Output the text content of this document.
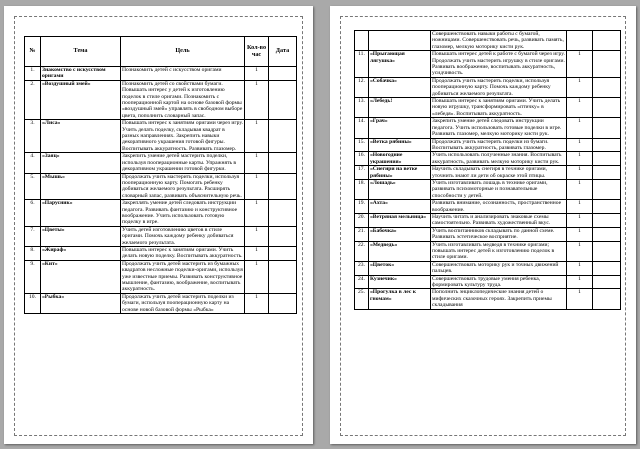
№	Тема	Цель	Кол-во час	Дата
1.	Знакомство с искусством оригами	Познакомить детей с искусством оригами	1	
2.	«Воздушный змей»	Познакомить детей со свойствами бумаги. Повышать интерес у детей к изготовлению поделок в стиле оригами. Познакомить с пооперационной картой на основе базовой формы «воздушный змей» управлять в свободном выборе цвета, пополнить словарный запас.	1	
3.	«Лиса»	Повышать интерес к занятиям оригами через игру. Учить делать поделку, складывая квадрат в разных направлениях. Закрепить навыки декоративного украшения готовой фигуры. Воспитывать аккуратность. Развивать глазомер.	1	
4.	«Заяц»	Закрепить умение детей мастерить поделки, используя пооперационные карты. Упражнять в декоративном украшении готовой фигурки.	1	
5.	«Мышь»	Продолжать учить мастерить поделки, используя пооперационную карту. Помогать ребенку добиваться желаемого результата. Расширять словарный запас, развивать объяснительную речь.	1	
6.	«Парусник»	Закреплять умение детей следовать инструкции педагога. Развивать фантазию и конструктивное воображение. Учить использовать готовую поделку в игре.	1	
7.	«Цветы»	Учить детей изготовлению цветов в стиле оригами. Помочь каждому ребенку добиваться желаемого результата.	1	
8.	«Жираф»	Повышать интерес к занятиям оригами. Учить делать новую поделку. Воспитывать аккуратность.	1	
9.	«Кит»	Продолжать учить детей мастерить из бумажных квадратов несложные поделки-оригами, используя уже известные приемы. Развивать конструктивное мышление, фантазию, воображение, воспитывать аккуратность.	1	
10.	«Рыбка»	Продолжать учить детей мастерить поделки из бумаги, используя пооперационную карту на основе новой базовой формы «Рыбка»	1	
		Совершенствовать навыки работы с бумагой, ножницами. Совершенствовать речь, развивать память, глазомер, мелкую моторику кисти рук.		
11.	«Прыгающая лягушка»	Повышать интерес детей к работе с бумагой через игру. Продолжать учить мастерить игрушку в стиле оригами. Развивать воображение, воспитывать аккуратность, усидчивость.	1	
12.	«Собачка»	Продолжать учить мастерить поделки, используя пооперационную карту. Помочь каждому ребенку добиваться желаемого результата.	1	
13.	«Лебедь!	Повышать интерес к занятиям оригами. Учить делать новую игрушку, трансформировать «птичку» в «лебедя». Воспитывать аккуратность.	1	
14.	«Грач»	Закрепить умение детей следовать инструкции педагога. Учить использовать готовые поделки в игре. Развивать глазомер, мелкую моторику кисти рук.	1	
15.	«Ветка рябины»	Продолжать учить мастерить поделки из бумаги. Воспитывать аккуратность, развивать глазомер.	1	
16.	«Новогодние украшения»	Учить использовать полученные знания. Воспитывать аккуратность, развивать мелкую моторику кисти рук.	1	
17.	«Снегири на ветке рябины»	Научить складывать снегиря в технике оригами, уточнить знают ли дети об окраске этой птицы.	1	
18.	«Лошадь»	Учить изготавливать лошадь в технике оригами, развивать психомоторные и познавательные способности у детей.	1	
19.	«Ахта»	Развивать внимание, осознанность, пространственное воображение.	1	
20.	«Ветряная мельница»	Научить читать и анализировать знаковые схемы самостоятельно. Развивать художественный вкус.	1	
21.	«Бабочка»	Учить воспитанников складывать по данной схеме. Развивать эстетическое восприятие.	1	
22.	«Медведь»	Учить изготавливать медведя в технике оригами; повышать интерес детей к изготовлению поделок в стиле оригами.	1	
23.	«Цветок»	Совершенствовать моторику рук и точных движений пальцев.	1	
24.	Кузнечик»	Совершенствовать трудовые умения ребенка, формировать культуру труда.	1	
25.	«Прогулка в лес к гномам»	Пополнить энциклопедические знания детей о мифических сказочных героях. Закрепить приемы складывания	1	
